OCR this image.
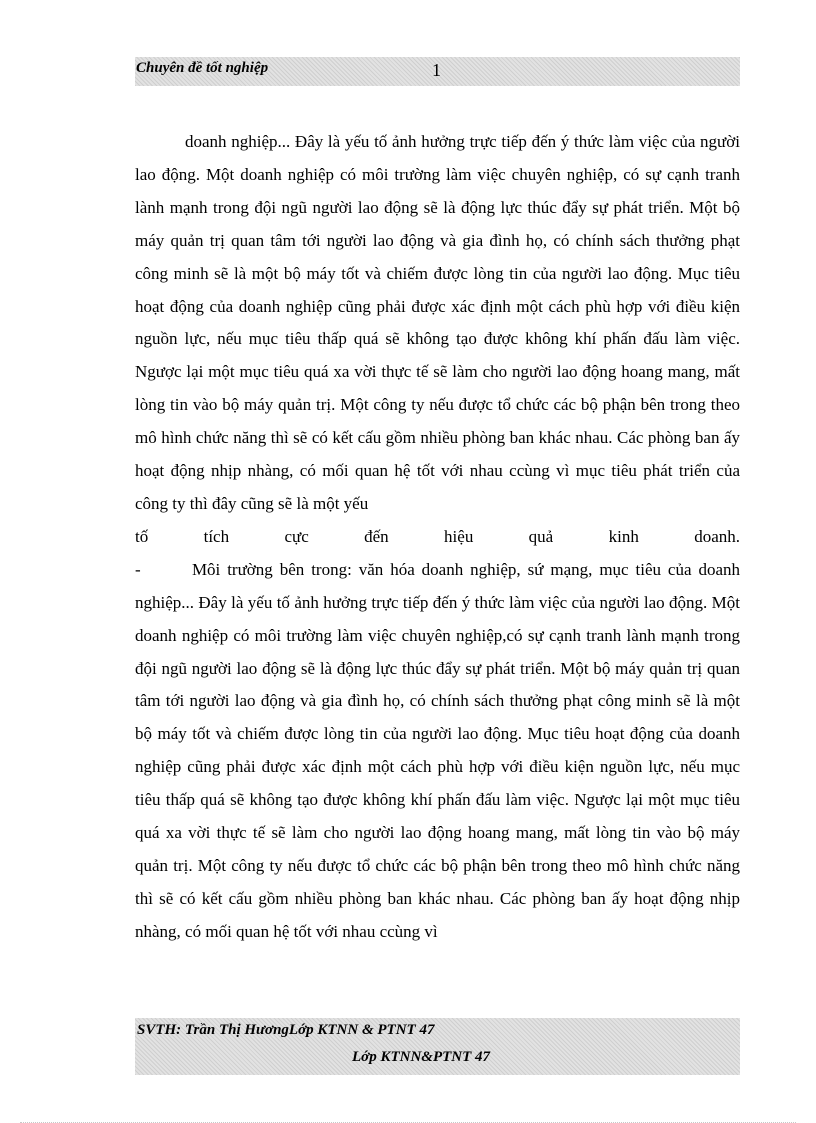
Chuyên đề tốt nghiệp	1

doanh nghiệp... Đây là yếu tố ảnh hưởng trực tiếp đến ý thức làm việc của người lao động. Một doanh nghiệp có môi trường làm việc chuyên nghiệp, có sự cạnh tranh lành mạnh trong đội ngũ người lao động sẽ là động lực thúc đẩy sự phát triển. Một bộ máy quản trị quan tâm tới người lao động và gia đình họ, có chính sách thưởng phạt công minh sẽ là một bộ máy tốt và chiếm được lòng tin của người lao động. Mục tiêu hoạt động của doanh nghiệp cũng phải được xác định một cách phù hợp với điều kiện nguồn lực, nếu mục tiêu thấp quá sẽ không tạo được không khí phấn đấu làm việc. Ngược lại một mục tiêu quá xa vời thực tế sẽ làm cho người lao động hoang mang, mất lòng tin vào bộ máy quản trị. Một công ty nếu được tổ chức các bộ phận bên trong theo mô hình chức năng thì sẽ có kết cấu gồm nhiều phòng ban khác nhau. Các phòng ban ấy hoạt động nhịp nhàng, có mối quan hệ tốt với nhau ccùng vì mục tiêu phát triển của công ty thì đây cũng sẽ là một yếu

tố tích cực đến hiệu quả kinh doanh.

-	Môi trường bên trong: văn hóa doanh nghiệp, sứ mạng, mục tiêu của doanh nghiệp... Đây là yếu tố ảnh hưởng trực tiếp đến ý thức làm việc của người lao động. Một doanh nghiệp có môi trường làm việc chuyên nghiệp,có sự cạnh tranh lành mạnh trong đội ngũ người lao động sẽ là động lực thúc đẩy sự phát triển. Một bộ máy quản trị quan tâm tới người lao động và gia đình họ, có chính sách thưởng phạt công minh sẽ là một bộ máy tốt và chiếm được lòng tin của người lao động. Mục tiêu hoạt động của doanh nghiệp cũng phải được xác định một cách phù hợp với điều kiện nguồn lực, nếu mục tiêu thấp quá sẽ không tạo được không khí phấn đấu làm việc. Ngược lại một mục tiêu quá xa vời thực tế sẽ làm cho người lao động hoang mang, mất lòng tin vào bộ máy quản trị. Một công ty nếu được tổ chức các bộ phận bên trong theo mô hình chức năng thì sẽ có kết cấu gồm nhiều phòng ban khác nhau. Các phòng ban ấy hoạt động nhịp nhàng, có mối quan hệ tốt với nhau ccùng vì

SVTH: Trần Thị HươngLớp KTNN & PTNT 47
Lớp KTNN&PTNT 47
